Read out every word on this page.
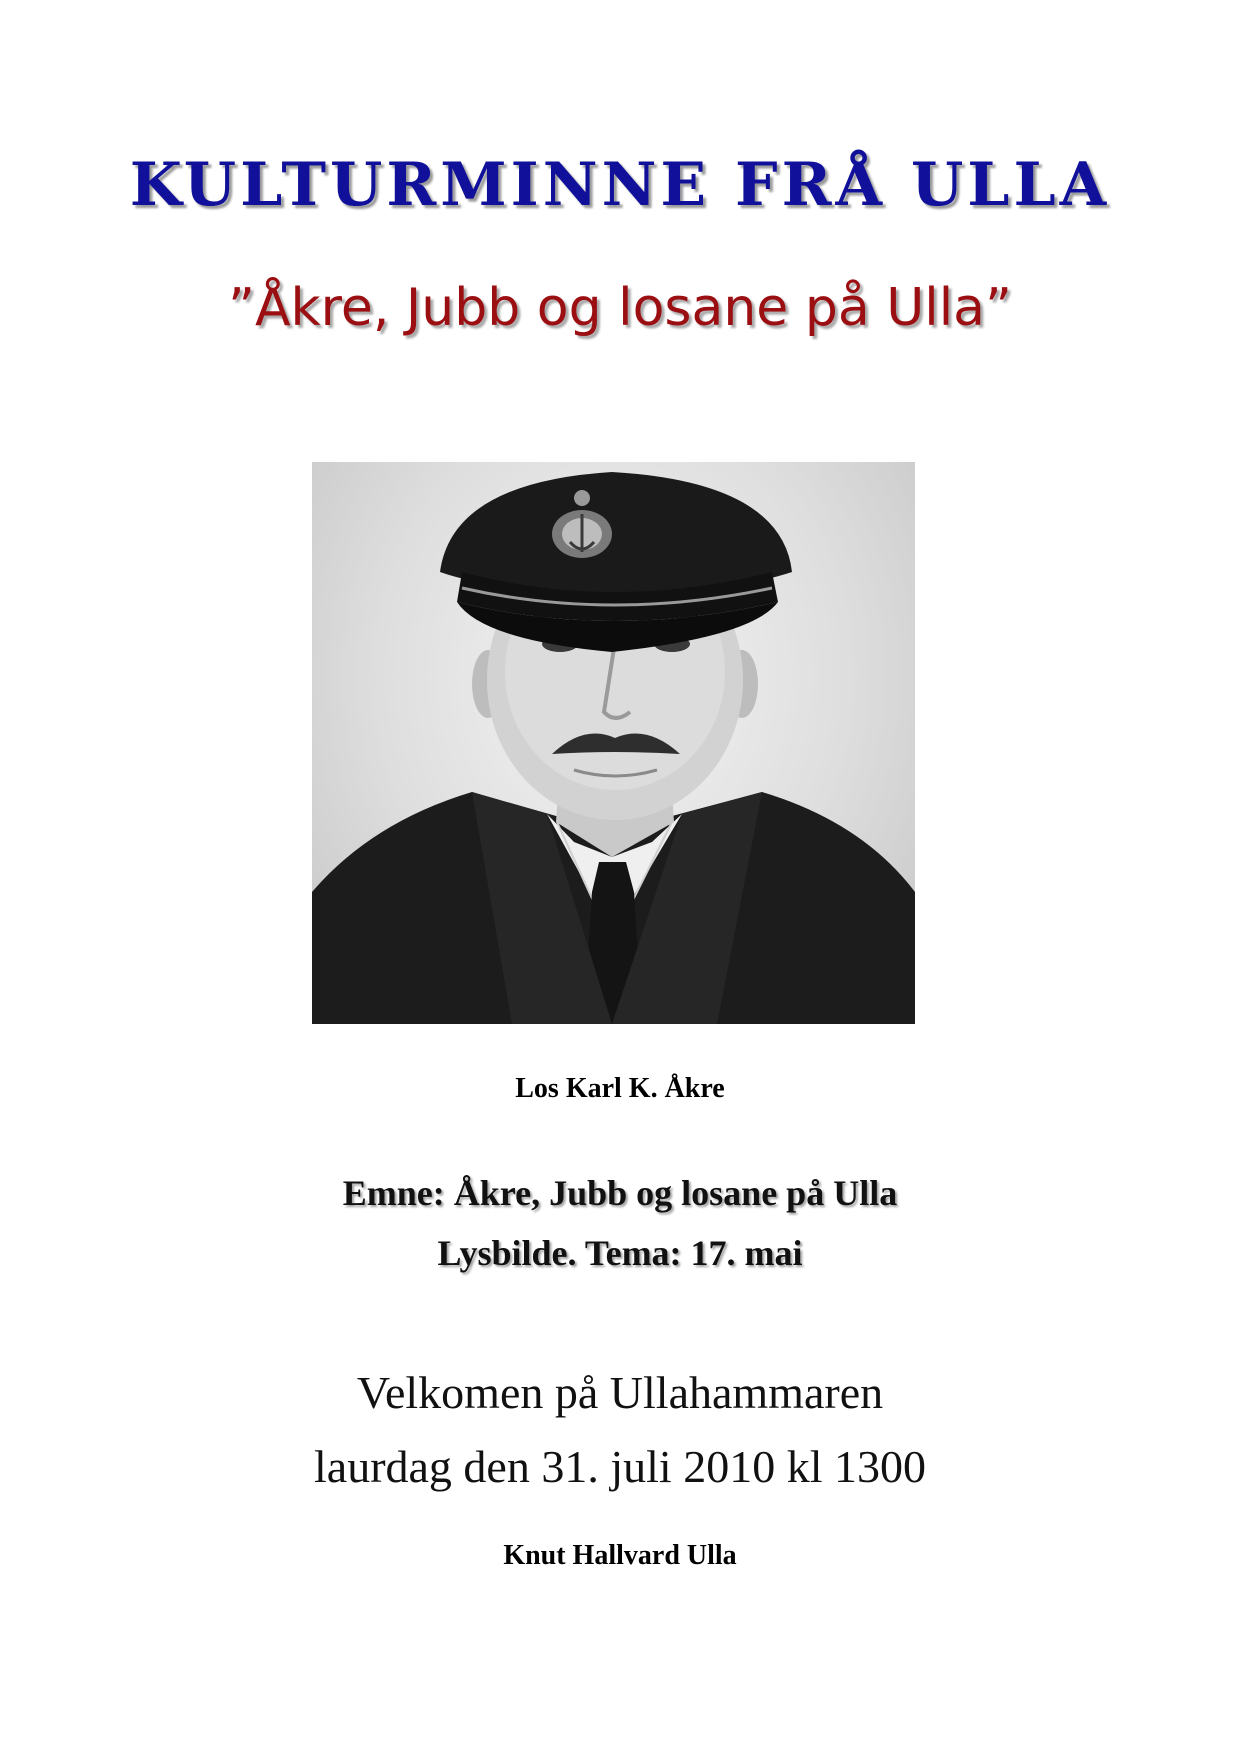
KULTURMINNE FRÅ ULLA
”Åkre, Jubb og losane på Ulla”
Los Karl K. Åkre
Emne: Åkre, Jubb og losane på Ulla
Lysbilde. Tema: 17. mai
Velkomen på Ullahammaren
laurdag den 31. juli 2010 kl 1300
Knut Hallvard Ulla
